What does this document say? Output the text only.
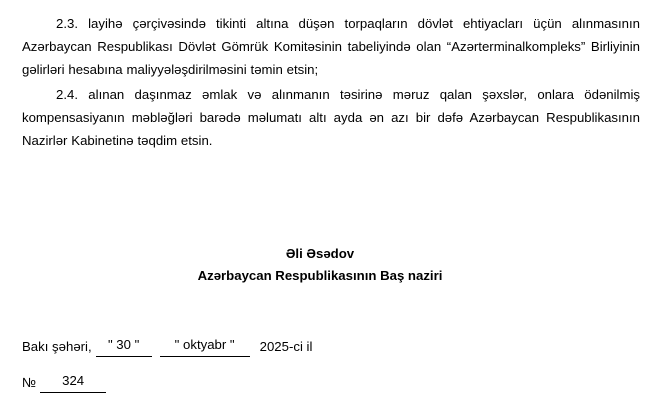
2.3. layihə çərçivəsində tikinti altına düşən torpaqların dövlət ehtiyacları üçün alınmasının Azərbaycan Respublikası Dövlət Gömrük Komitəsinin tabeliyində olan “Azərterminalkompleks” Birliyinin gəlirləri hesabına maliyyələşdirilməsini təmin etsin;

2.4. alınan daşınmaz əmlak və alınmanın təsirinə məruz qalan şəxslər, onlara ödənilmiş kompensasiyanın məbləğləri barədə məlumatı altı ayda ən azı bir dəfə Azərbaycan Respublikasının Nazirlər Kabinetinə təqdim etsin.

Əli Əsədov
Azərbaycan Respublikasının Baş naziri
Bakı şəhəri,	" 30 "	" oktyabr "	2025-ci il
№	324
